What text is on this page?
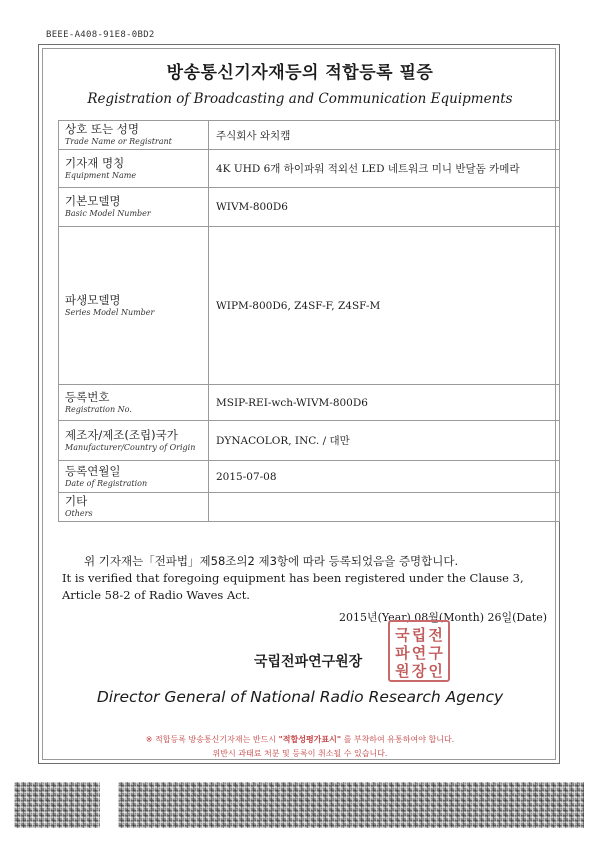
BEEE-A408-91E8-0BD2
방송통신기자재등의 적합등록 필증
Registration of Broadcasting and Communication Equipments
상호 또는 성명
Trade Name or Registrant	주식회사 와치캠

기자재 명칭
Equipment Name	4K UHD 6개 하이파워 적외선 LED 네트워크 미니 반달돔 카메라

기본모델명
Basic Model Number	WIVM-800D6

파생모델명
Series Model Number	WIPM-800D6, Z4SF-F, Z4SF-M

등록번호
Registration No.	MSIP-REI-wch-WIVM-800D6

제조자/제조(조립)국가
Manufacturer/Country of Origin	DYNACOLOR, INC. / 대만

등록연월일
Date of Registration	2015-07-08

기타
Others	

위 기자재는「전파법」제58조의2 제3항에 따라 등록되었음을 증명합니다.
It is verified that foregoing equipment has been registered under the Clause 3,
Article 58-2 of Radio Waves Act.
2015년(Year) 08월(Month) 26일(Date)
국 립 전
파 연 구
원 장 인
국립전파연구원장
Director General of National Radio Research Agency
※ 적합등록 방송통신기자재는 반드시 "적합성평가표시" 를 부착하여 유통하여야 합니다.
위반시 과태료 처분 및 등록이 취소될 수 있습니다.
